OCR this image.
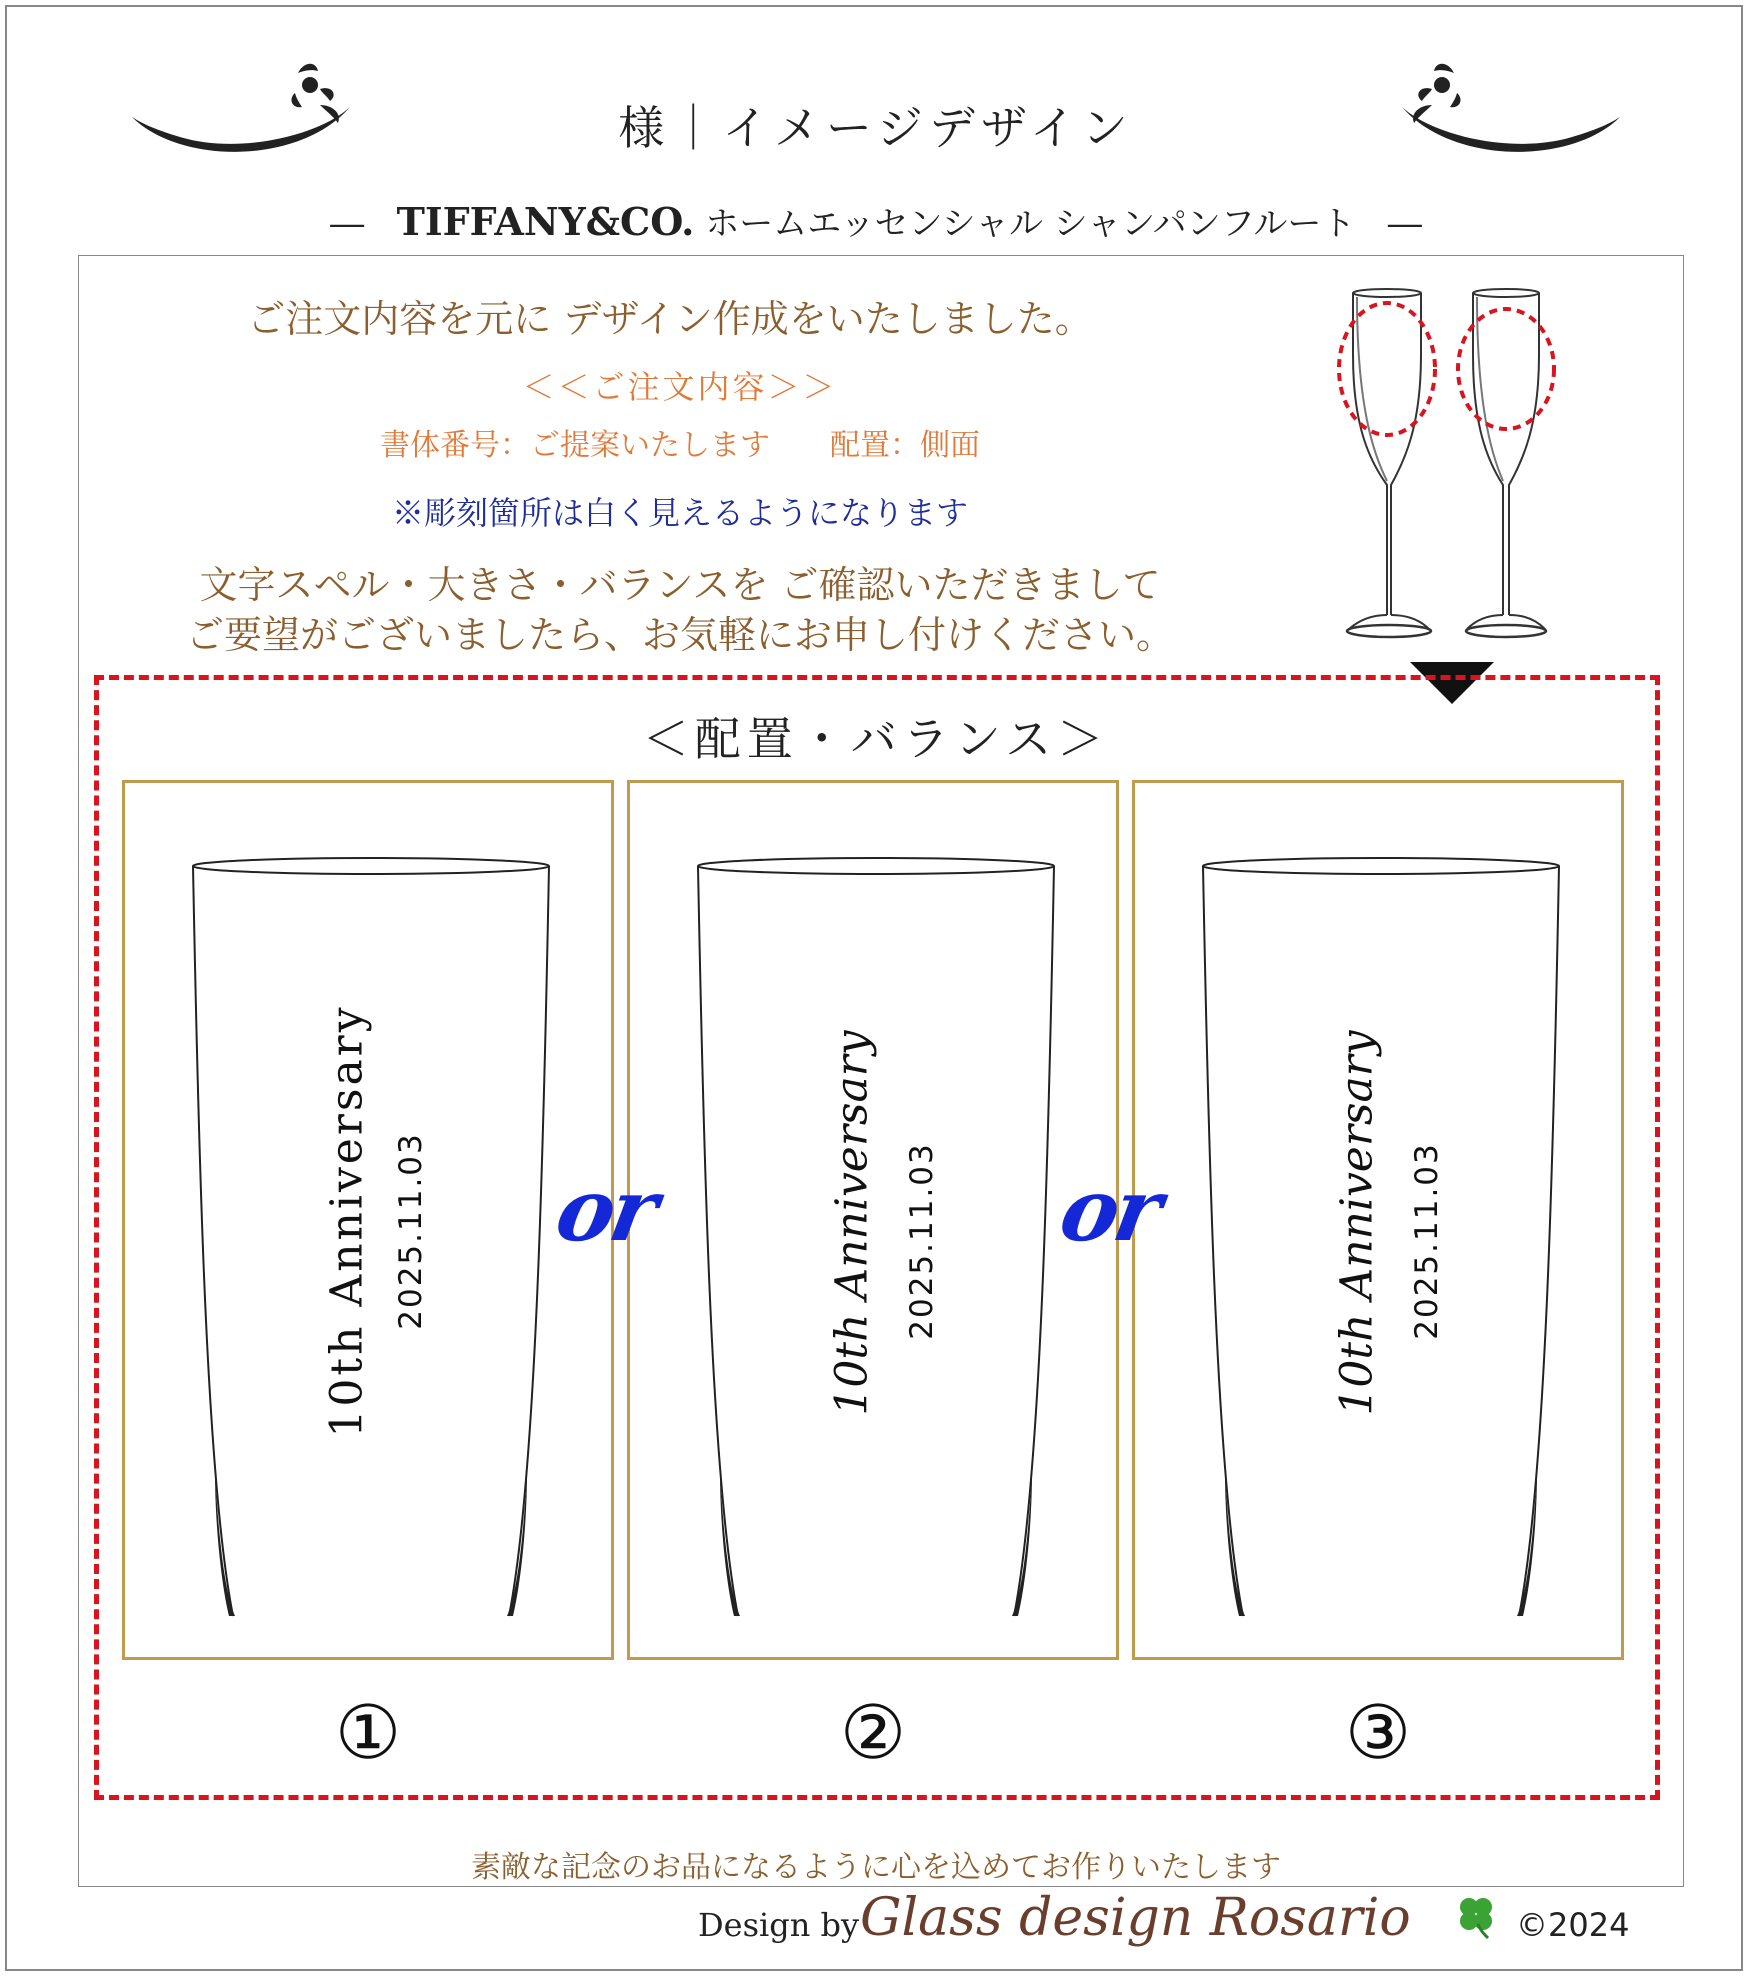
様｜イメージデザイン
― TIFFANY&CO. ホームエッセンシャル シャンパンフルート ―
ご注文内容を元に デザイン作成をいたしました。
＜＜ご注文内容＞＞
書体番号：ご提案いたします　　配置：側面
※彫刻箇所は白く見えるようになります
文字スペル・大きさ・バランスを ご確認いただきまして
ご要望がございましたら、お気軽にお申し付けください。
＜配置・バランス＞
10th Anniversary 2025.11.03	10th Anniversary 2025.11.03	10th Anniversary 2025.11.03
or	or
①	②	③
素敵な記念のお品になるように心を込めてお作りいたします
Design by Glass design Rosario	©2024
